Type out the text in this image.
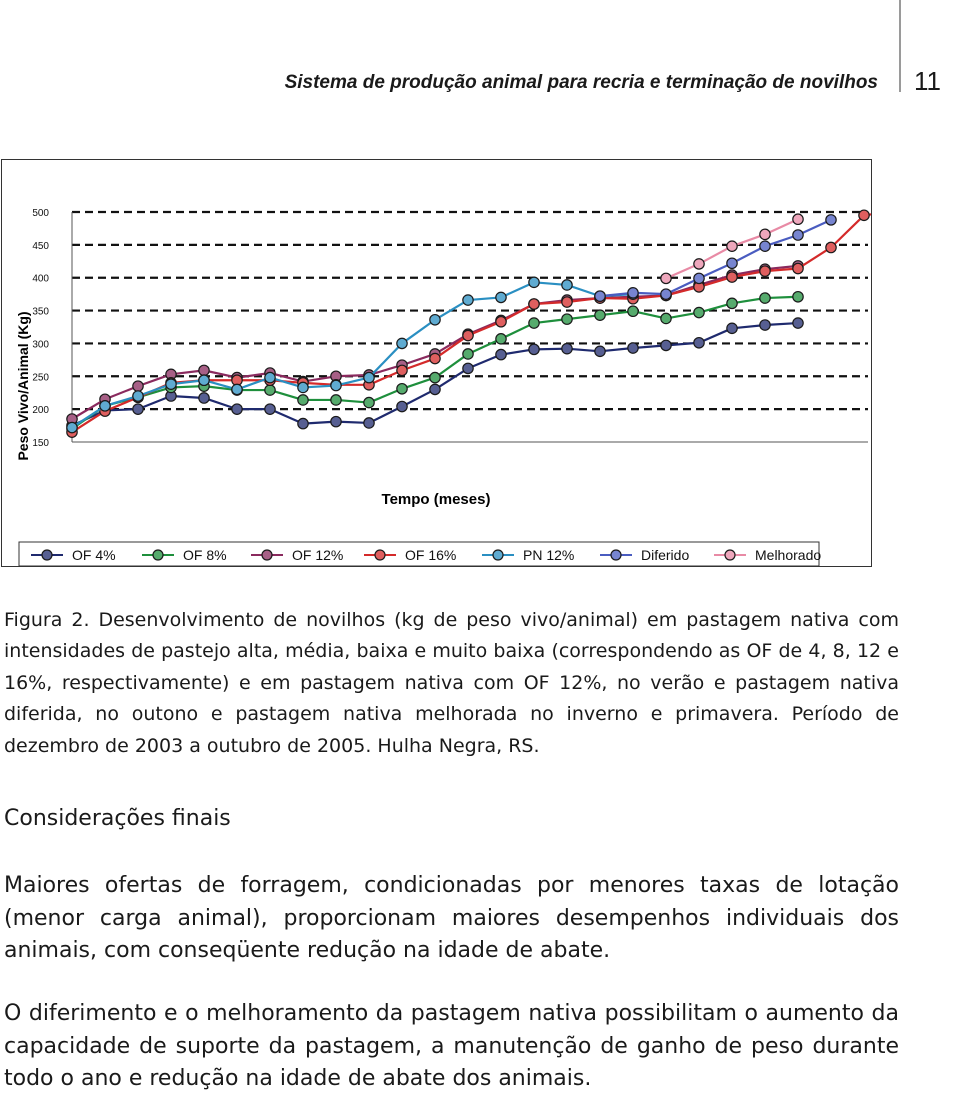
Sistema de produção animal para recria e terminação de novilhos 11
150
200
250
300
350
400
450
500
Peso Vivo/Animal (Kg)
Tempo (meses)
OF 4%	OF 8%	OF 12%	OF 16%	PN 12%	Diferido	Melhorado

Figura 2. Desenvolvimento de novilhos (kg de peso vivo/animal) em pastagem nativa com intensidades de pastejo alta, média, baixa e muito baixa (correspondendo as OF de 4, 8, 12 e 16%, respectivamente) e em pastagem nativa com OF 12%, no verão e pastagem nativa diferida, no outono e pastagem nativa melhorada no inverno e primavera. Período de dezembro de 2003 a outubro de 2005. Hulha Negra, RS.

Considerações finais

Maiores ofertas de forragem, condicionadas por menores taxas de lotação (menor carga animal), proporcionam maiores desempenhos individuais dos animais, com conseqüente redução na idade de abate.

O diferimento e o melhoramento da pastagem nativa possibilitam o aumento da capacidade de suporte da pastagem, a manutenção de ganho de peso durante todo o ano e redução na idade de abate dos animais.
